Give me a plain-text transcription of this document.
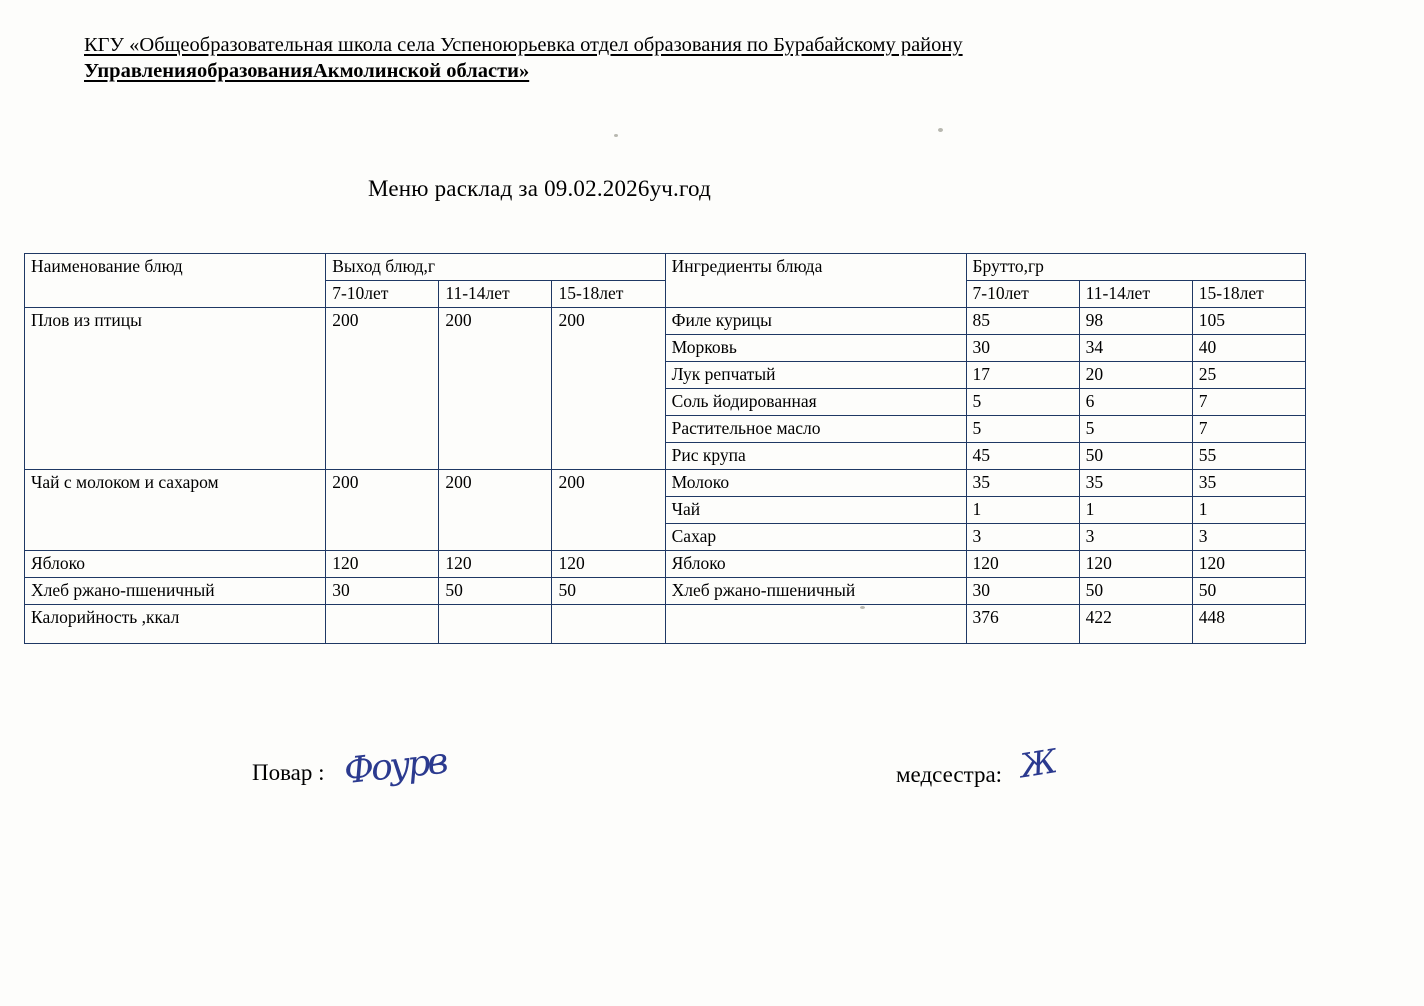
КГУ «Общеобразовательная школа села Успеноюрьевка отдел образования по Бурабайскому району
УправленияобразованияАкмолинской области»
Меню расклад за 09.02.2026уч.год
Наименование блюд	Выход блюд,г			Ингредиенты блюда	Брутто,гр		
	7-10лет	11-14лет	15-18лет		7-10лет	11-14лет	15-18лет
Плов из птицы	200	200	200	Филе курицы	85	98	105
				Морковь	30	34	40
				Лук репчатый	17	20	25
				Соль йодированная	5	6	7
				Растительное масло	5	5	7
				Рис крупа	45	50	55
Чай с молоком и сахаром	200	200	200	Молоко	35	35	35
				Чай	1	1	1
				Сахар	3	3	3
Яблоко	120	120	120	Яблоко	120	120	120
Хлеб ржано-пшеничный	30	50	50	Хлеб ржано-пшеничный	30	50	50
Калорийность ,ккал					376	422	448
Повар : Фоурв	медсестра: Ж
